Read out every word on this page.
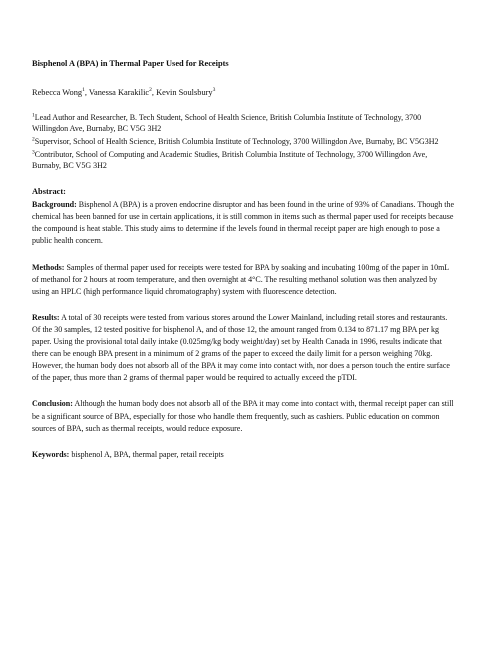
Bisphenol A (BPA) in Thermal Paper Used for Receipts
Rebecca Wong$^1$, Vanessa Karakilic$^2$, Kevin Soulsbury$^3$
$^1$Lead Author and Researcher, B. Tech Student, School of Health Science, British Columbia Institute of Technology, 3700 Willingdon Ave, Burnaby, BC V5G 3H2
$^2$Supervisor, School of Health Science, British Columbia Institute of Technology, 3700 Willingdon Ave, Burnaby, BC V5G3H2
$^3$Contributor, School of Computing and Academic Studies, British Columbia Institute of Technology, 3700 Willingdon Ave, Burnaby, BC V5G 3H2
Abstract:
Background: Bisphenol A (BPA) is a proven endocrine disruptor and has been found in the urine of 93% of Canadians. Though the chemical has been banned for use in certain applications, it is still common in items such as thermal paper used for receipts because the compound is heat stable. This study aims to determine if the levels found in thermal receipt paper are high enough to pose a public health concern.
Methods: Samples of thermal paper used for receipts were tested for BPA by soaking and incubating 100mg of the paper in 10mL of methanol for 2 hours at room temperature, and then overnight at 4°C. The resulting methanol solution was then analyzed by using an HPLC (high performance liquid chromatography) system with fluorescence detection.
Results: A total of 30 receipts were tested from various stores around the Lower Mainland, including retail stores and restaurants. Of the 30 samples, 12 tested positive for bisphenol A, and of those 12, the amount ranged from 0.134 to 871.17 mg BPA per kg paper. Using the provisional total daily intake (0.025mg/kg body weight/day) set by Health Canada in 1996, results indicate that there can be enough BPA present in a minimum of 2 grams of the paper to exceed the daily limit for a person weighing 70kg. However, the human body does not absorb all of the BPA it may come into contact with, nor does a person touch the entire surface of the paper, thus more than 2 grams of thermal paper would be required to actually exceed the pTDI.
Conclusion: Although the human body does not absorb all of the BPA it may come into contact with, thermal receipt paper can still be a significant source of BPA, especially for those who handle them frequently, such as cashiers. Public education on common sources of BPA, such as thermal receipts, would reduce exposure.
Keywords: bisphenol A, BPA, thermal paper, retail receipts
